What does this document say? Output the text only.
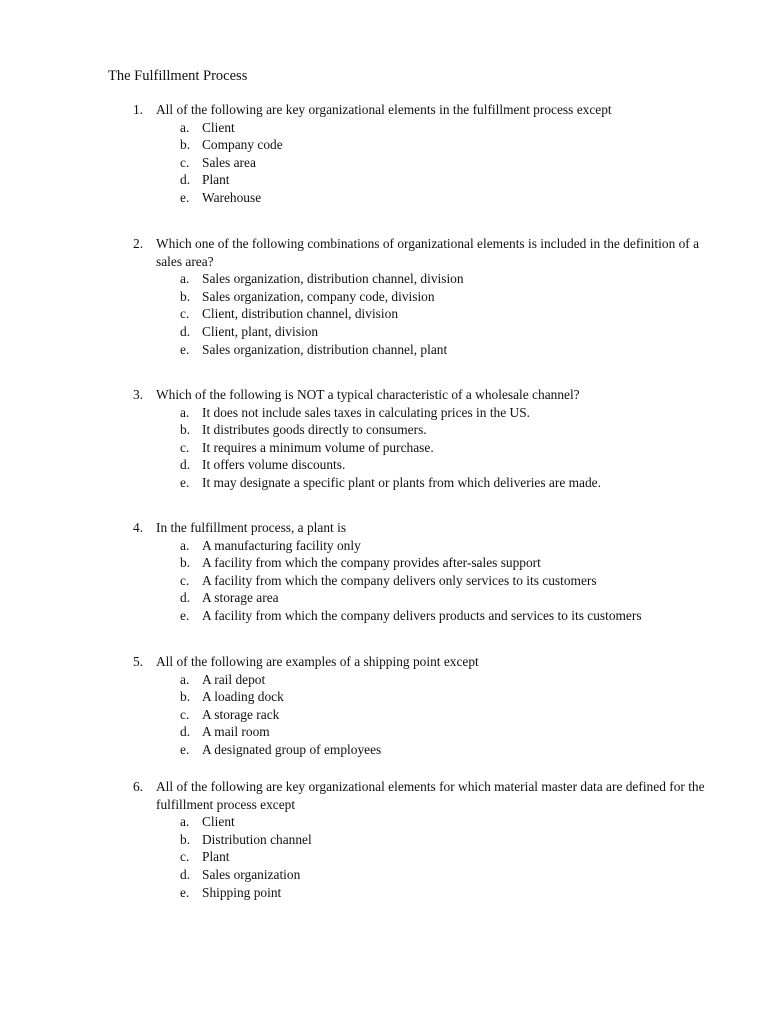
The Fulfillment Process
1. All of the following are key organizational elements in the fulfillment process except
a. Client
b. Company code
c. Sales area
d. Plant
e. Warehouse
2. Which one of the following combinations of organizational elements is included in the definition of a sales area?
a. Sales organization, distribution channel, division
b. Sales organization, company code, division
c. Client, distribution channel, division
d. Client, plant, division
e. Sales organization, distribution channel, plant
3. Which of the following is NOT a typical characteristic of a wholesale channel?
a. It does not include sales taxes in calculating prices in the US.
b. It distributes goods directly to consumers.
c. It requires a minimum volume of purchase.
d. It offers volume discounts.
e. It may designate a specific plant or plants from which deliveries are made.
4. In the fulfillment process, a plant is
a. A manufacturing facility only
b. A facility from which the company provides after-sales support
c. A facility from which the company delivers only services to its customers
d. A storage area
e. A facility from which the company delivers products and services to its customers
5. All of the following are examples of a shipping point except
a. A rail depot
b. A loading dock
c. A storage rack
d. A mail room
e. A designated group of employees
6. All of the following are key organizational elements for which material master data are defined for the fulfillment process except
a. Client
b. Distribution channel
c. Plant
d. Sales organization
e. Shipping point
